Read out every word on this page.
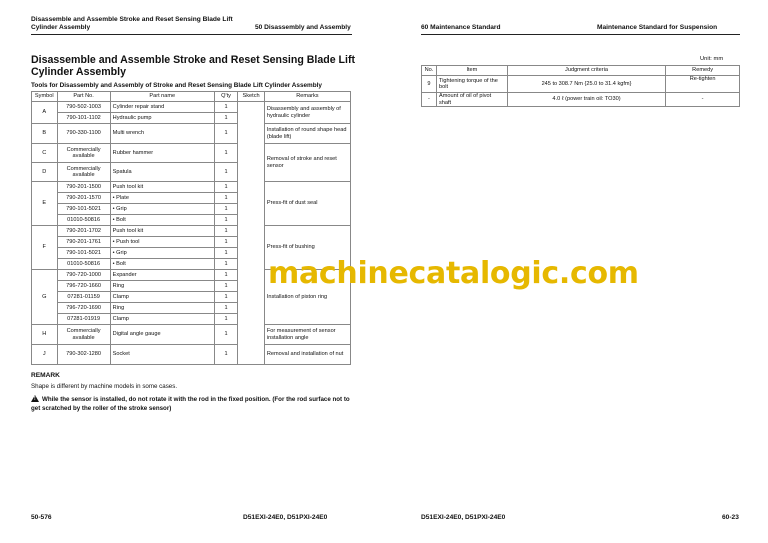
Disassemble and Assemble Stroke and Reset Sensing Blade Lift
Cylinder Assembly	50 Disassembly and Assembly
Disassemble and Assemble Stroke and Reset Sensing Blade Lift Cylinder Assembly
Tools for Disassembly and Assembly of Stroke and Reset Sensing Blade Lift Cylinder Assembly
Symbol	Part No.	Part name	Q'ty	Sketch	Remarks
A	790-502-1003	Cylinder repair stand	1		Disassembly and assembly of hydraulic cylinder
	790-101-1102	Hydraulic pump	1		
B	790-330-1100	Multi wrench	1		Installation of round shape head (blade lift)
C	Commercially available	Rubber hammer	1		Removal of stroke and reset sensor
D	Commercially available	Spatula	1		
E	790-201-1500	Push tool kit	1		Press-fit of dust seal
	790-201-1570	• Plate	1		
	790-101-5021	• Grip	1		
	01010-50816	• Bolt	1		
F	790-201-1702	Push tool kit	1		Press-fit of bushing
	790-201-1761	• Push tool	1		
	790-101-5021	• Grip	1		
	01010-50816	• Bolt	1		
G	790-720-1000	Expander	1		Installation of piston ring
	796-720-1660	Ring	1		
	07281-01159	Clamp	1		
	796-720-1690	Ring	1		
	07281-01919	Clamp	1		
H	Commercially available	Digital angle gauge	1		For measurement of sensor installation angle
J	790-302-1280	Socket	1		Removal and installation of nut
REMARK
Shape is different by machine models in some cases.
! While the sensor is installed, do not rotate it with the rod in the fixed position. (For the rod surface not to get scratched by the roller of the stroke sensor)
50-576	D51EXI-24E0, D51PXI-24E0
60 Maintenance Standard	Maintenance Standard for Suspension
Unit: mm
No.	Item	Judgment criteria	Remedy
9	Tightening torque of the bolt	245 to 308.7 Nm {25.0 to 31.4 kgfm}	Re-tighten
-	Amount of oil of pivot shaft	4.0 ℓ (power train oil: TO30)	-
D51EXI-24E0, D51PXI-24E0	60-23
machinecatalogic.com
